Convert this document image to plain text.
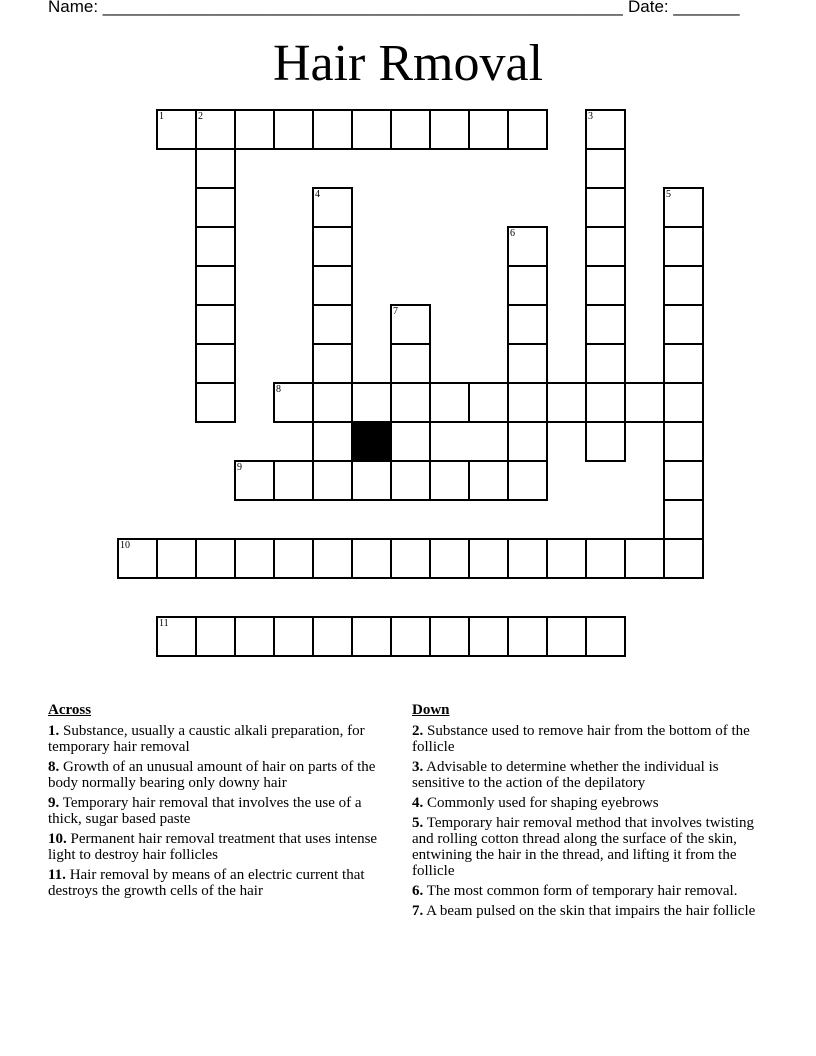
Name: _______________________________________________________ Date: _______
Hair Rmoval
1	2	3
4	5
6
7
8
9
10
11
Across
1. Substance, usually a caustic alkali preparation, for temporary hair removal
8. Growth of an unusual amount of hair on parts of the body normally bearing only downy hair
9. Temporary hair removal that involves the use of a thick, sugar based paste
10. Permanent hair removal treatment that uses intense light to destroy hair follicles
11. Hair removal by means of an electric current that destroys the growth cells of the hair
Down
2. Substance used to remove hair from the bottom of the follicle
3. Advisable to determine whether the individual is sensitive to the action of the depilatory
4. Commonly used for shaping eyebrows
5. Temporary hair removal method that involves twisting and rolling cotton thread along the surface of the skin, entwining the hair in the thread, and lifting it from the follicle
6. The most common form of temporary hair removal.
7. A beam pulsed on the skin that impairs the hair follicle
